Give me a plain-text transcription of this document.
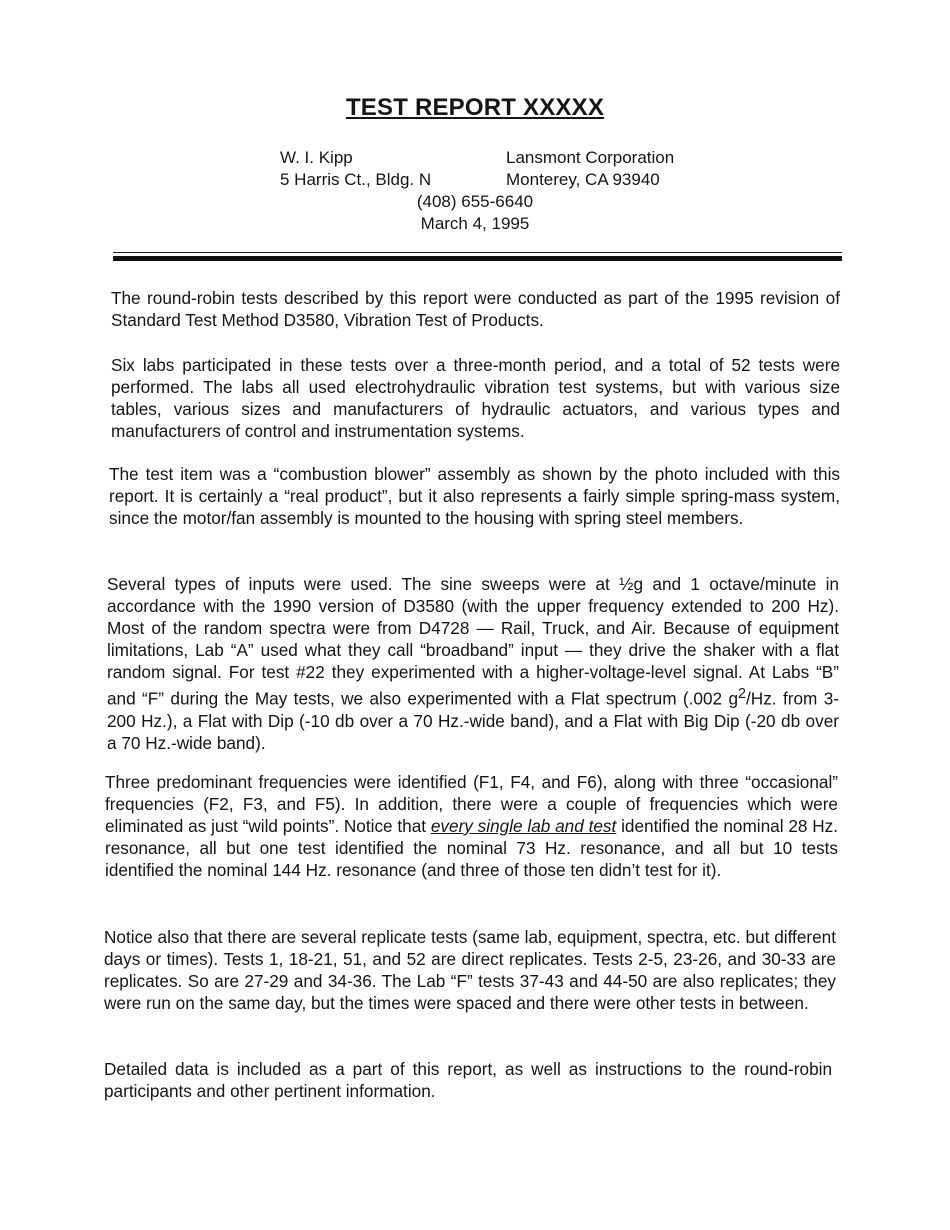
TEST REPORT XXXXX
W. I. Kipp	Lansmont Corporation
5 Harris Ct., Bldg. N	Monterey, CA 93940
(408) 655-6640
March 4, 1995

The round-robin tests described by this report were conducted as part of the 1995 revision of Standard Test Method D3580, Vibration Test of Products.

Six labs participated in these tests over a three-month period, and a total of 52 tests were performed. The labs all used electrohydraulic vibration test systems, but with various size tables, various sizes and manufacturers of hydraulic actuators, and various types and manufacturers of control and instrumentation systems.

The test item was a “combustion blower” assembly as shown by the photo included with this report. It is certainly a “real product”, but it also represents a fairly simple spring-mass system, since the motor/fan assembly is mounted to the housing with spring steel members.

Several types of inputs were used. The sine sweeps were at ½g and 1 octave/minute in accordance with the 1990 version of D3580 (with the upper frequency extended to 200 Hz). Most of the random spectra were from D4728 — Rail, Truck, and Air. Because of equipment limitations, Lab “A” used what they call “broadband” input — they drive the shaker with a flat random signal. For test #22 they experimented with a higher-voltage-level signal. At Labs “B” and “F” during the May tests, we also experimented with a Flat spectrum (.002 $g^2/Hz$. from 3-200 Hz.), a Flat with Dip (-10 db over a 70 Hz.-wide band), and a Flat with Big Dip (-20 db over a 70 Hz.-wide band).

Three predominant frequencies were identified (F1, F4, and F6), along with three “occasional” frequencies (F2, F3, and F5). In addition, there were a couple of frequencies which were eliminated as just “wild points”. Notice that every single lab and test identified the nominal 28 Hz. resonance, all but one test identified the nominal 73 Hz. resonance, and all but 10 tests identified the nominal 144 Hz. resonance (and three of those ten didn’t test for it).

Notice also that there are several replicate tests (same lab, equipment, spectra, etc. but different days or times). Tests 1, 18-21, 51, and 52 are direct replicates. Tests 2-5, 23-26, and 30-33 are replicates. So are 27-29 and 34-36. The Lab “F” tests 37-43 and 44-50 are also replicates; they were run on the same day, but the times were spaced and there were other tests in between.

Detailed data is included as a part of this report, as well as instructions to the round-robin participants and other pertinent information.
